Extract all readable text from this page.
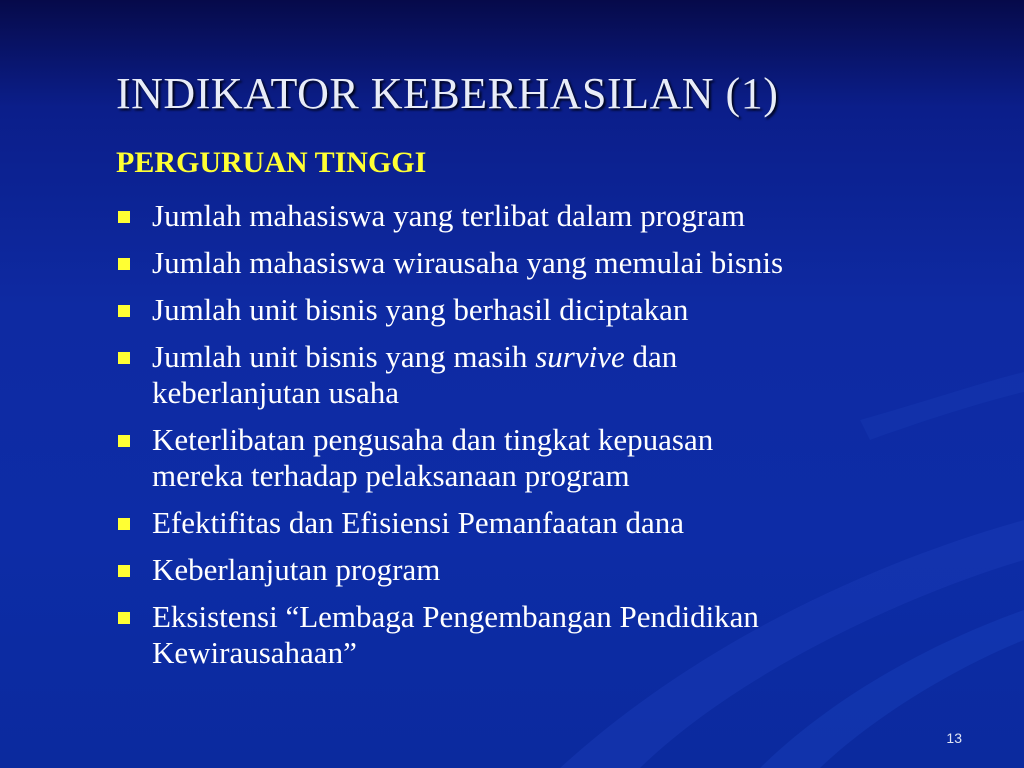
INDIKATOR KEBERHASILAN (1)
PERGURUAN TINGGI
Jumlah mahasiswa yang terlibat dalam program
Jumlah mahasiswa wirausaha yang memulai bisnis
Jumlah unit bisnis yang berhasil diciptakan
Jumlah unit bisnis yang masih survive dan
keberlanjutan usaha
Keterlibatan pengusaha dan tingkat kepuasan
mereka terhadap pelaksanaan program
Efektifitas dan Efisiensi Pemanfaatan dana
Keberlanjutan program
Eksistensi “Lembaga Pengembangan Pendidikan
Kewirausahaan”
13
